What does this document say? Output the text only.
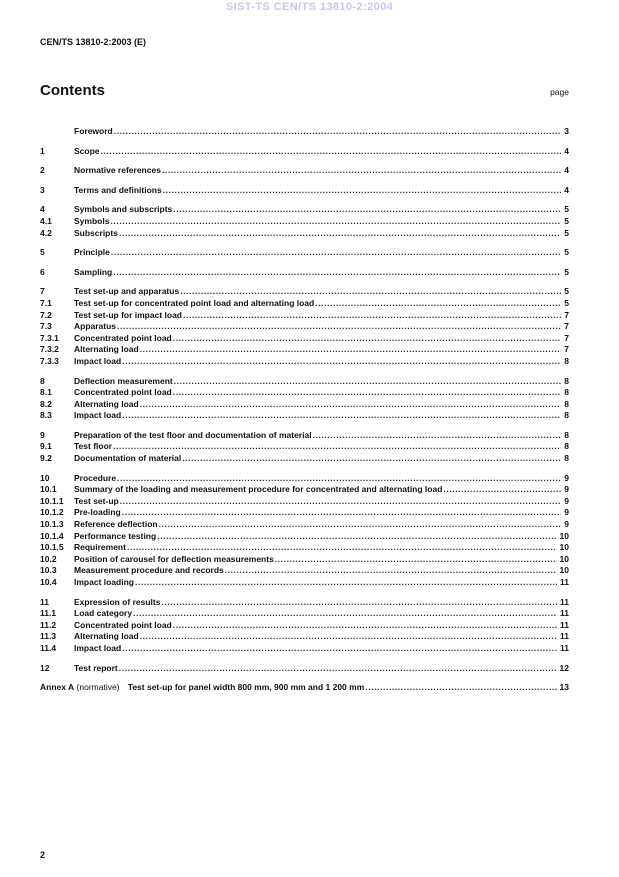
SIST-TS CEN/TS 13810-2:2004
CEN/TS 13810-2:2003 (E)
Contents	page
Foreword .....	3
1	Scope .....	4
2	Normative references .....	4
3	Terms and definitions .....	4
4	Symbols and subscripts .....	5
4.1	Symbols .....	5
4.2	Subscripts .....	5
5	Principle .....	5
6	Sampling .....	5
7	Test set-up and apparatus .....	5
7.1	Test set-up for concentrated point load and alternating load .....	5
7.2	Test set-up for impact load .....	7
7.3	Apparatus .....	7
7.3.1	Concentrated point load .....	7
7.3.2	Alternating load .....	7
7.3.3	Impact load .....	8
8	Deflection measurement .....	8
8.1	Concentrated point load .....	8
8.2	Alternating load .....	8
8.3	Impact load .....	8
9	Preparation of the test floor and documentation of material .....	8
9.1	Test floor .....	8
9.2	Documentation of material .....	8
10	Procedure .....	9
10.1	Summary of the loading and measurement procedure for concentrated and alternating load .....	9
10.1.1	Test set-up .....	9
10.1.2	Pre-loading .....	9
10.1.3	Reference deflection .....	9
10.1.4	Performance testing .....	10
10.1.5	Requirement .....	10
10.2	Position of carousel for deflection measurements .....	10
10.3	Measurement procedure and records .....	10
10.4	Impact loading .....	11
11	Expression of results .....	11
11.1	Load category .....	11
11.2	Concentrated point load .....	11
11.3	Alternating load .....	11
11.4	Impact load .....	11
12	Test report .....	12
Annex A (normative)  Test set-up for panel width 800 mm, 900 mm and 1 200 mm .....	13
2
